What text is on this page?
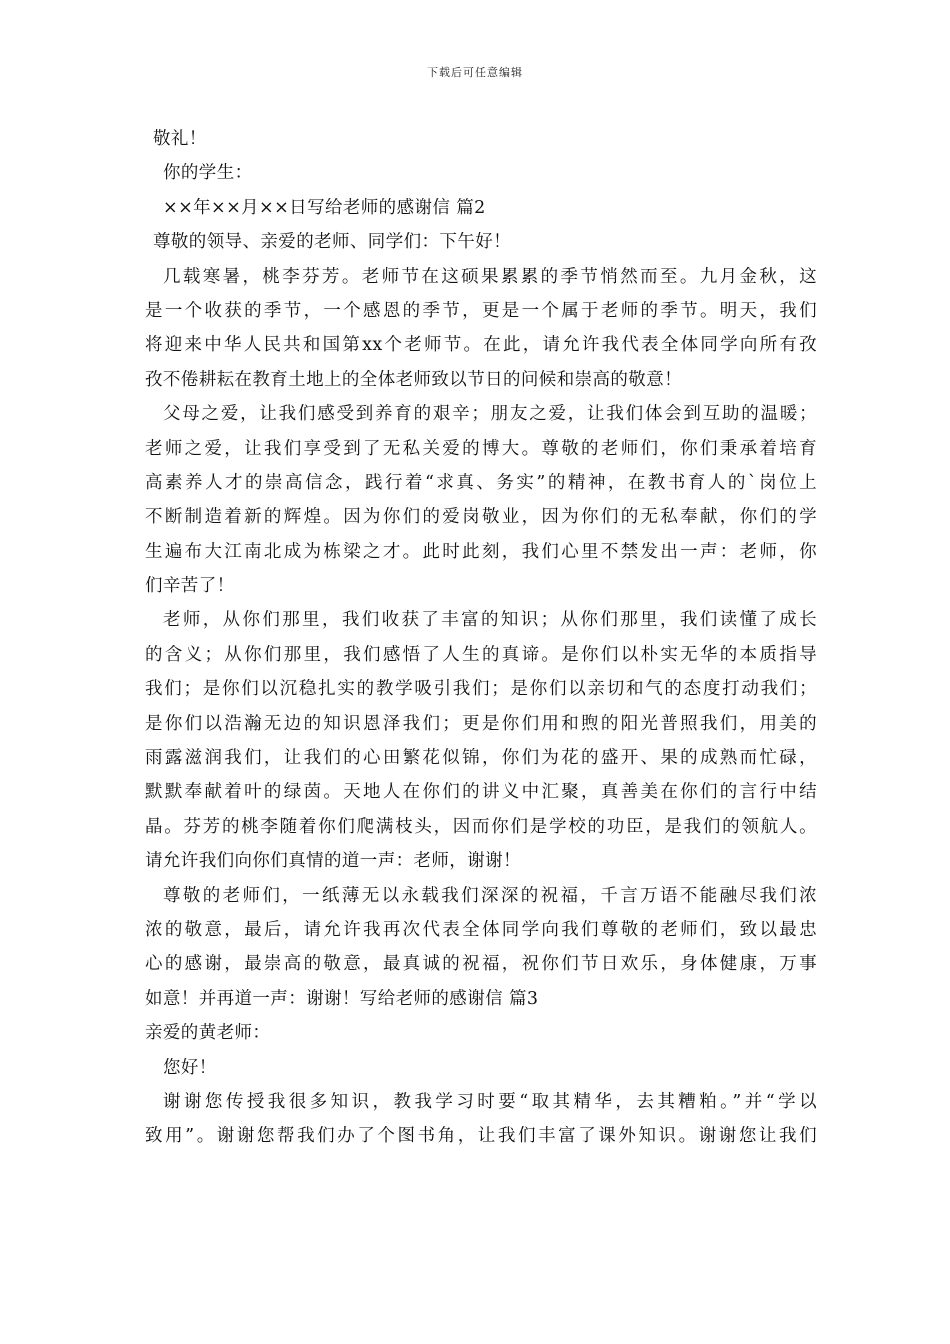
下载后可任意编辑
敬礼！
你的学生：
××年××月××日写给老师的感谢信 篇2
尊敬的领导、亲爱的老师、同学们：下午好！
几载寒暑，桃李芬芳。老师节在这硕果累累的季节悄然而至。九月金秋，这
是一个收获的季节，一个感恩的季节，更是一个属于老师的季节。明天，我们
将迎来中华人民共和国第xx个老师节。在此，请允许我代表全体同学向所有孜
孜不倦耕耘在教育土地上的全体老师致以节日的问候和崇高的敬意！
父母之爱，让我们感受到养育的艰辛；朋友之爱，让我们体会到互助的温暖；
老师之爱，让我们享受到了无私关爱的博大。尊敬的老师们，你们秉承着培育
高素养人才的崇高信念，践行着“求真、务实”的精神，在教书育人的`岗位上
不断制造着新的辉煌。因为你们的爱岗敬业，因为你们的无私奉献，你们的学
生遍布大江南北成为栋梁之才。此时此刻，我们心里不禁发出一声：老师，你
们辛苦了！
老师，从你们那里，我们收获了丰富的知识；从你们那里，我们读懂了成长
的含义；从你们那里，我们感悟了人生的真谛。是你们以朴实无华的本质指导
我们；是你们以沉稳扎实的教学吸引我们；是你们以亲切和气的态度打动我们；
是你们以浩瀚无边的知识恩泽我们；更是你们用和煦的阳光普照我们，用美的
雨露滋润我们，让我们的心田繁花似锦，你们为花的盛开、果的成熟而忙碌，
默默奉献着叶的绿茵。天地人在你们的讲义中汇聚，真善美在你们的言行中结
晶。芬芳的桃李随着你们爬满枝头，因而你们是学校的功臣，是我们的领航人。
请允许我们向你们真情的道一声：老师，谢谢！
尊敬的老师们，一纸薄无以永载我们深深的祝福，千言万语不能融尽我们浓
浓的敬意，最后，请允许我再次代表全体同学向我们尊敬的老师们，致以最忠
心的感谢，最崇高的敬意，最真诚的祝福，祝你们节日欢乐，身体健康，万事
如意！并再道一声：谢谢！写给老师的感谢信 篇3
亲爱的黄老师：
您好！
谢谢您传授我很多知识，教我学习时要“取其精华，去其糟粕。”并“学以
致用”。谢谢您帮我们办了个图书角，让我们丰富了课外知识。谢谢您让我们
